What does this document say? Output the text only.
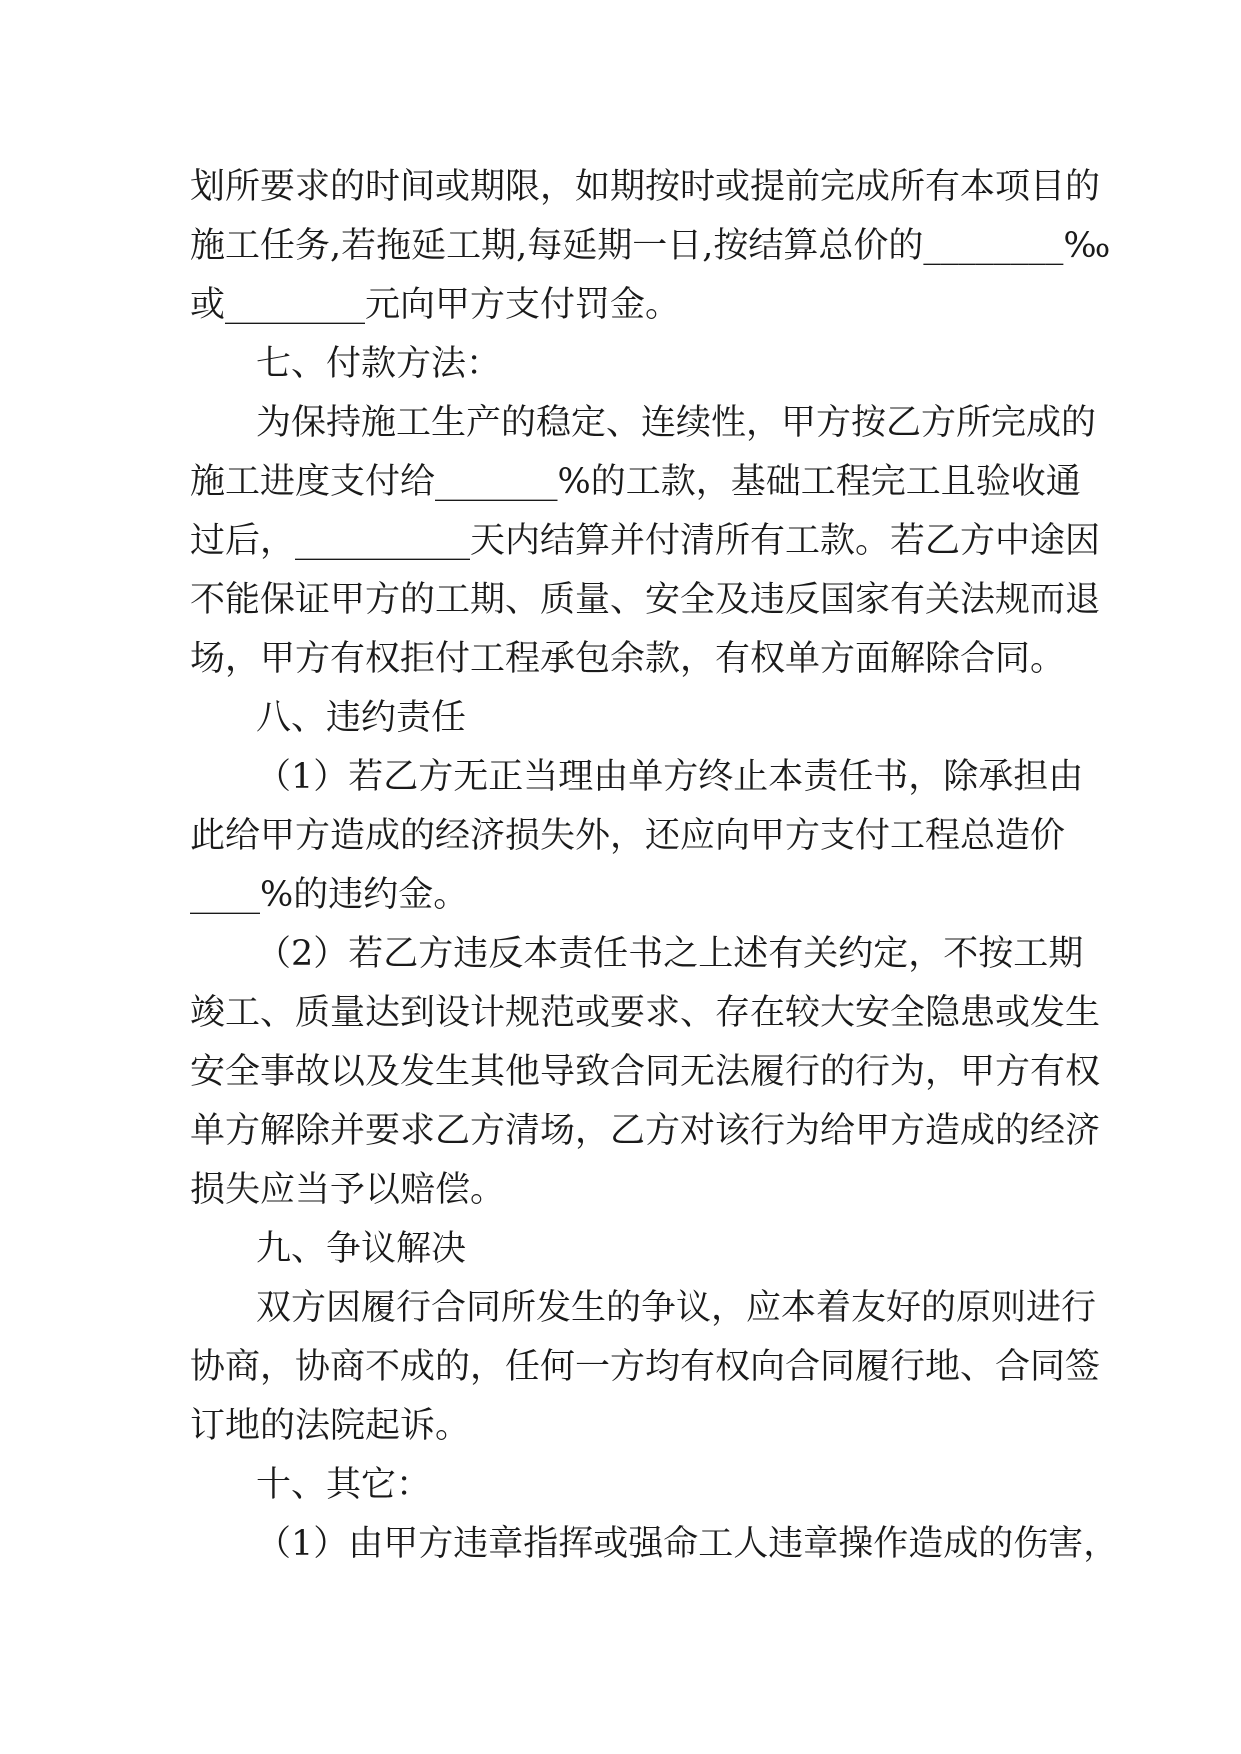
划所要求的时间或期限，如期按时或提前完成所有本项目的
施工任务,若拖延工期,每延期一日,按结算总价的________‰
或________元向甲方支付罚金。
七、付款方法：
为保持施工生产的稳定、连续性，甲方按乙方所完成的
施工进度支付给_______%的工款，基础工程完工且验收通
过后，__________天内结算并付清所有工款。若乙方中途因
不能保证甲方的工期、质量、安全及违反国家有关法规而退
场，甲方有权拒付工程承包余款，有权单方面解除合同。
八、违约责任
（1）若乙方无正当理由单方终止本责任书，除承担由
此给甲方造成的经济损失外，还应向甲方支付工程总造价
____%的违约金。
（2）若乙方违反本责任书之上述有关约定，不按工期
竣工、质量达到设计规范或要求、存在较大安全隐患或发生
安全事故以及发生其他导致合同无法履行的行为，甲方有权
单方解除并要求乙方清场，乙方对该行为给甲方造成的经济
损失应当予以赔偿。
九、争议解决
双方因履行合同所发生的争议，应本着友好的原则进行
协商，协商不成的，任何一方均有权向合同履行地、合同签
订地的法院起诉。
十、其它：
（1）由甲方违章指挥或强命工人违章操作造成的伤害，
